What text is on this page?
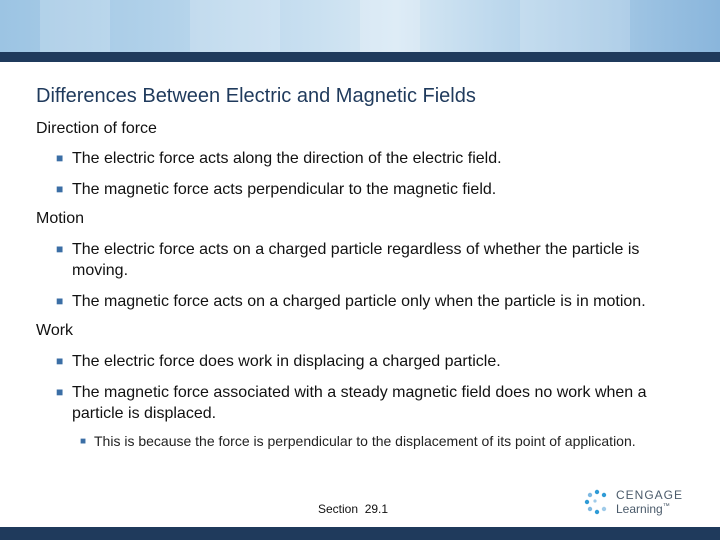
Differences Between Electric and Magnetic Fields

Direction of force

■ The electric force acts along the direction of the electric field.

■ The magnetic force acts perpendicular to the magnetic field.

Motion

■ The electric force acts on a charged particle regardless of whether the particle is moving.

■ The magnetic force acts on a charged particle only when the particle is in motion.

Work

■ The electric force does work in displacing a charged particle.

■ The magnetic force associated with a steady magnetic field does no work when a particle is displaced.

■ This is because the force is perpendicular to the displacement of its point of application.

Section  29.1
CENGAGE
Learning™
